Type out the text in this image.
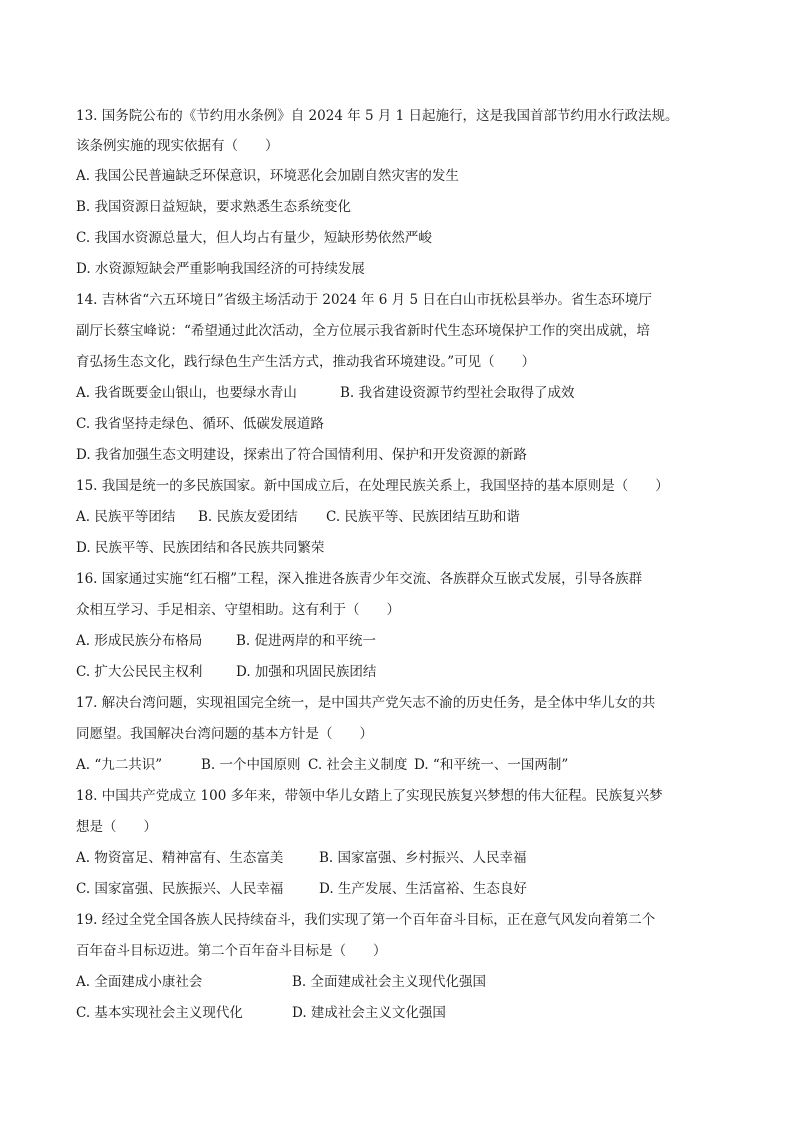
13. 国务院公布的《节约用水条例》自 2024 年 5 月 1 日起施行，这是我国首部节约用水行政法规。
该条例实施的现实依据有（　　）
A. 我国公民普遍缺乏环保意识，环境恶化会加剧自然灾害的发生
B. 我国资源日益短缺，要求熟悉生态系统变化
C. 我国水资源总量大，但人均占有量少，短缺形势依然严峻
D. 水资源短缺会严重影响我国经济的可持续发展
14. 吉林省“六五环境日”省级主场活动于 2024 年 6 月 5 日在白山市抚松县举办。省生态环境厅
副厅长蔡宝峰说：“希望通过此次活动，全方位展示我省新时代生态环境保护工作的突出成就，培
育弘扬生态文化，践行绿色生产生活方式，推动我省环境建设。”可见（　　）
A. 我省既要金山银山，也要绿水青山	B. 我省建设资源节约型社会取得了成效
C. 我省坚持走绿色、循环、低碳发展道路
D. 我省加强生态文明建设，探索出了符合国情利用、保护和开发资源的新路
15. 我国是统一的多民族国家。新中国成立后，在处理民族关系上，我国坚持的基本原则是（　　）
A. 民族平等团结 B. 民族友爱团结 C. 民族平等、民族团结互助和谐
D. 民族平等、民族团结和各民族共同繁荣
16. 国家通过实施“红石榴”工程，深入推进各族青少年交流、各族群众互嵌式发展，引导各族群
众相互学习、手足相亲、守望相助。这有利于（　　）
A. 形成民族分布格局 B. 促进两岸的和平统一
C. 扩大公民民主权利 D. 加强和巩固民族团结
17. 解决台湾问题，实现祖国完全统一，是中国共产党矢志不渝的历史任务，是全体中华儿女的共
同愿望。我国解决台湾问题的基本方针是（　　）
A. “九二共识”	B. 一个中国原则 C. 社会主义制度 D. “和平统一、一国两制”
18. 中国共产党成立 100 多年来，带领中华儿女踏上了实现民族复兴梦想的伟大征程。民族复兴梦
想是（　　）
A. 物资富足、精神富有、生态富美	B. 国家富强、乡村振兴、人民幸福
C. 国家富强、民族振兴、人民幸福	D. 生产发展、生活富裕、生态良好
19. 经过全党全国各族人民持续奋斗，我们实现了第一个百年奋斗目标，正在意气风发向着第二个
百年奋斗目标迈进。第二个百年奋斗目标是（　　）
A. 全面建成小康社会	B. 全面建成社会主义现代化强国
C. 基本实现社会主义现代化	D. 建成社会主义文化强国
